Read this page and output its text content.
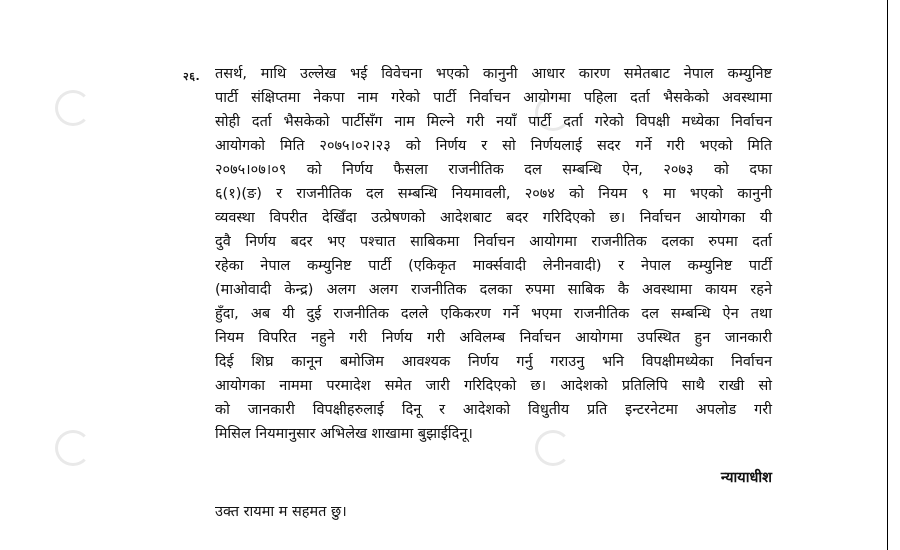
२६. तसर्थ, माथि उल्लेख भई विवेचना भएको कानुनी आधार कारण समेतबाट नेपाल कम्युनिष्ट
पार्टी संक्षिप्तमा नेकपा नाम गरेको पार्टी निर्वाचन आयोगमा पहिला दर्ता भैसकेको अवस्थामा
सोही दर्ता भैसकेको पार्टीसँग नाम मिल्ने गरी नयाँ पार्टी दर्ता गरेको विपक्षी मध्येका निर्वाचन
आयोगको मिति २०७५।०२।२३ को निर्णय र सो निर्णयलाई सदर गर्ने गरी भएको मिति
२०७५।०७।०९ को निर्णय फैसला राजनीतिक दल सम्बन्धि ऐन, २०७३ को दफा
६(१)(ङ) र राजनीतिक दल सम्बन्धि नियमावली, २०७४ को नियम ९ मा भएको कानुनी
व्यवस्था विपरीत देखिँदा उत्प्रेषणको आदेशबाट बदर गरिदिएको छ। निर्वाचन आयोगका यी
दुवै निर्णय बदर भए पश्चात साबिकमा निर्वाचन आयोगमा राजनीतिक दलका रुपमा दर्ता
रहेका नेपाल कम्युनिष्ट पार्टी (एकिकृत मार्क्सवादी लेनीनवादी) र नेपाल कम्युनिष्ट पार्टी
(माओवादी केन्द्र) अलग अलग राजनीतिक दलका रुपमा साबिक कै अवस्थामा कायम रहने
हुँदा, अब यी दुई राजनीतिक दलले एकिकरण गर्ने भएमा राजनीतिक दल सम्बन्धि ऐन तथा
नियम विपरित नहुने गरी निर्णय गरी अविलम्ब निर्वाचन आयोगमा उपस्थित हुन जानकारी
दिई शिघ्र कानून बमोजिम आवश्यक निर्णय गर्नु गराउनु भनि विपक्षीमध्येका निर्वाचन
आयोगका नाममा परमादेश समेत जारी गरिदिएको छ। आदेशको प्रतिलिपि साथै राखी सो
को जानकारी विपक्षीहरुलाई दिनू र आदेशको विधुतीय प्रति इन्टरनेटमा अपलोड गरी
मिसिल नियमानुसार अभिलेख शाखामा बुझाईदिनू।
न्यायाधीश
उक्त रायमा म सहमत छु।
